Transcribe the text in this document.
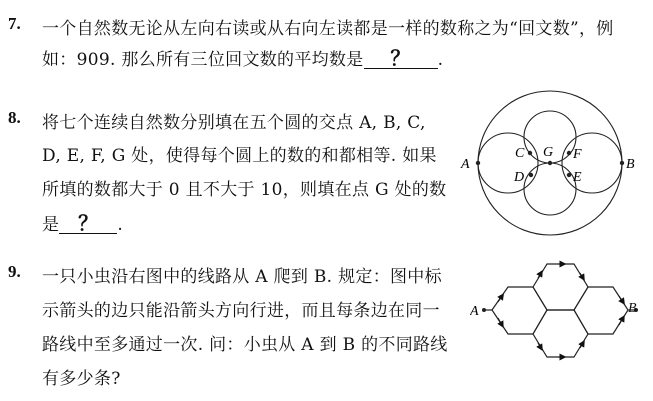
7. 一个自然数无论从左向右读或从右向左读都是一样的数称之为“回文数”，例
如：909. 那么所有三位回文数的平均数是 ？ .
8. 将七个连续自然数分别填在五个圆的交点 A, B, C,
D, E, F, G 处，使得每个圆上的数的和都相等. 如果
所填的数都大于 0 且不大于 10，则填在点 G 处的数
是 ？ .
A	B
C
D	E
F
G
9. 一只小虫沿右图中的线路从 A 爬到 B. 规定：图中标
示箭头的边只能沿箭头方向行进，而且每条边在同一
路线中至多通过一次. 问：小虫从 A 到 B 的不同路线
有多少条?
A	B
